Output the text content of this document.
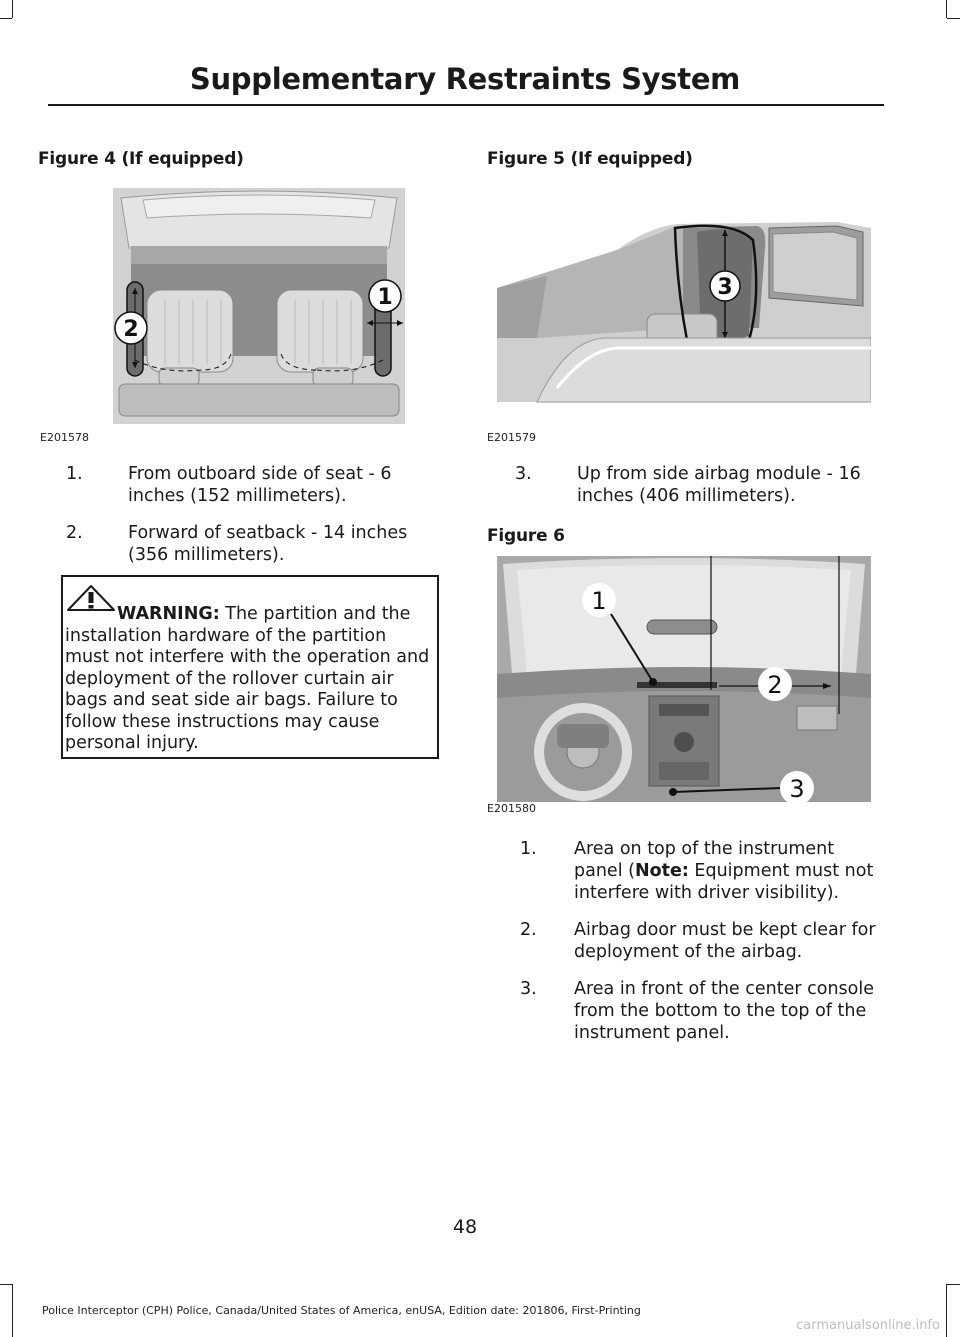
Supplementary Restraints System
Figure 4 (If equipped)
1
2
E201578
1.	From outboard side of seat - 6 inches (152 millimeters).
2.	Forward of seatback - 14 inches (356 millimeters).
WARNING: The partition and the installation hardware of the partition must not interfere with the operation and deployment of the rollover curtain air bags and seat side air bags. Failure to follow these instructions may cause personal injury.
Figure 5 (If equipped)
3
E201579
3.	Up from side airbag module - 16 inches (406 millimeters).
Figure 6
1
2
3
E201580
1. Area on top of the instrument panel (Note: Equipment must not interfere with driver visibility).
2. Airbag door must be kept clear for deployment of the airbag.
3. Area in front of the center console from the bottom to the top of the instrument panel.
48
Police Interceptor (CPH) Police, Canada/United States of America, enUSA, Edition date: 201806, First-Printing
carmanualsonline.info
